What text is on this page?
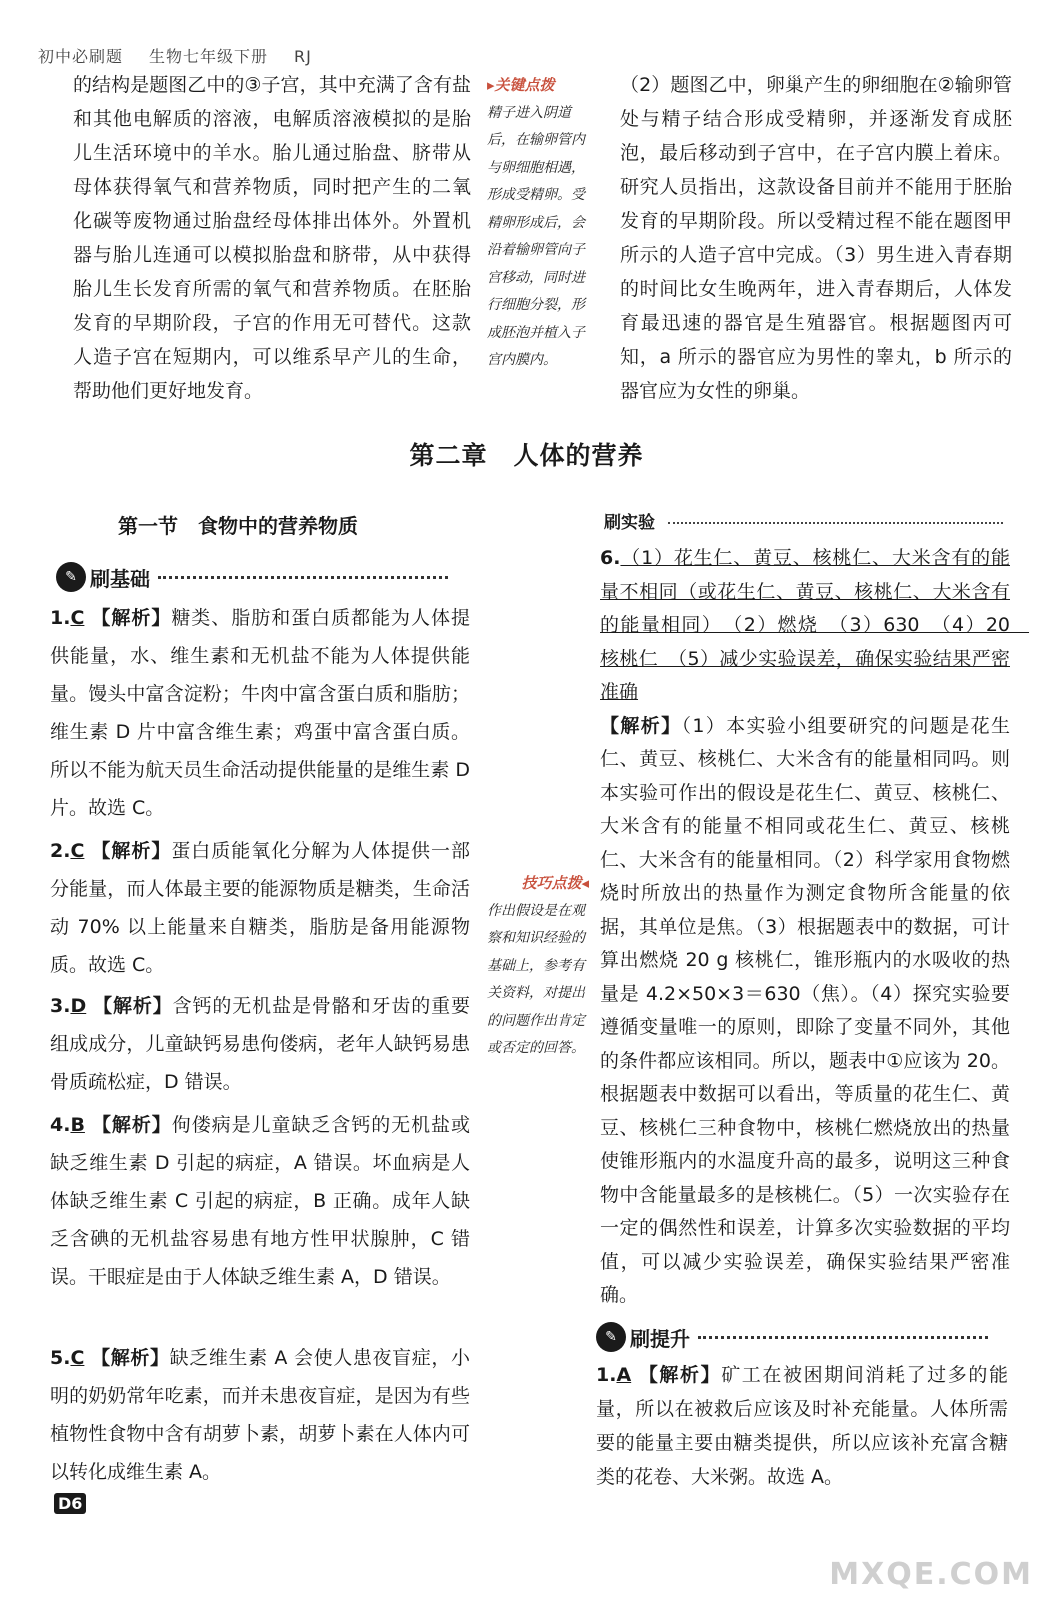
初中必刷题 生物七年级下册 RJ

的结构是题图乙中的③子宫，其中充满了含有盐和其他电解质的溶液，电解质溶液模拟的是胎儿生活环境中的羊水。胎儿通过胎盘、脐带从母体获得氧气和营养物质，同时把产生的二氧化碳等废物通过胎盘经母体排出体外。外置机器与胎儿连通可以模拟胎盘和脐带，从中获得胎儿生长发育所需的氧气和营养物质。在胚胎发育的早期阶段，子宫的作用无可替代。这款人造子宫在短期内，可以维系早产儿的生命，帮助他们更好地发育。

▸关键点拨
精子进入阴道后，在输卵管内与卵细胞相遇，形成受精卵。受精卵形成后，会沿着输卵管向子宫移动，同时进行细胞分裂，形成胚泡并植入子宫内膜内。

（2）题图乙中，卵巢产生的卵细胞在②输卵管处与精子结合形成受精卵，并逐渐发育成胚泡，最后移动到子宫中，在子宫内膜上着床。研究人员指出，这款设备目前并不能用于胚胎发育的早期阶段。所以受精过程不能在题图甲所示的人造子宫中完成。（3）男生进入青春期的时间比女生晚两年，进入青春期后，人体发育最迅速的器官是生殖器官。根据题图丙可知，a 所示的器官应为男性的睾丸，b 所示的器官应为女性的卵巢。

第二章　人体的营养
第一节　食物中的营养物质
✎ 刷基础
1.C 【解析】糖类、脂肪和蛋白质都能为人体提供能量，水、维生素和无机盐不能为人体提供能量。馒头中富含淀粉；牛肉中富含蛋白质和脂肪；维生素 D 片中富含维生素；鸡蛋中富含蛋白质。所以不能为航天员生命活动提供能量的是维生素 D 片。故选 C。
2.C 【解析】蛋白质能氧化分解为人体提供一部分能量，而人体最主要的能源物质是糖类，生命活动 70% 以上能量来自糖类，脂肪是备用能源物质。故选 C。
3.D 【解析】含钙的无机盐是骨骼和牙齿的重要组成成分，儿童缺钙易患佝偻病，老年人缺钙易患骨质疏松症，D 错误。
4.B 【解析】佝偻病是儿童缺乏含钙的无机盐或缺乏维生素 D 引起的病症，A 错误。坏血病是人体缺乏维生素 C 引起的病症，B 正确。成年人缺乏含碘的无机盐容易患有地方性甲状腺肿，C 错误。干眼症是由于人体缺乏维生素 A，D 错误。
5.C 【解析】缺乏维生素 A 会使人患夜盲症，小明的奶奶常年吃素，而并未患夜盲症，是因为有些植物性食物中含有胡萝卜素，胡萝卜素在人体内可以转化成维生素 A。
技巧点拨◂
作出假设是在观察和知识经验的基础上，参考有关资料，对提出的问题作出肯定或否定的回答。
刷实验
6.（1）花生仁、黄豆、核桃仁、大米含有的能量不相同（或花生仁、黄豆、核桃仁、大米含有的能量相同）　（2）燃烧　（3）630　（4）20　核桃仁　（5）减少实验误差，确保实验结果严密准确
【解析】（1）本实验小组要研究的问题是花生仁、黄豆、核桃仁、大米含有的能量相同吗。则本实验可作出的假设是花生仁、黄豆、核桃仁、大米含有的能量不相同或花生仁、黄豆、核桃仁、大米含有的能量相同。（2）科学家用食物燃烧时所放出的热量作为测定食物所含能量的依据，其单位是焦。（3）根据题表中的数据，可计算出燃烧 20 g 核桃仁，锥形瓶内的水吸收的热量是 4.2×50×3＝630（焦）。（4）探究实验要遵循变量唯一的原则，即除了变量不同外，其他的条件都应该相同。所以，题表中①应该为 20。根据题表中数据可以看出，等质量的花生仁、黄豆、核桃仁三种食物中，核桃仁燃烧放出的热量使锥形瓶内的水温度升高的最多，说明这三种食物中含能量最多的是核桃仁。（5）一次实验存在一定的偶然性和误差，计算多次实验数据的平均值，可以减少实验误差，确保实验结果严密准确。
✎ 刷提升
1.A 【解析】矿工在被困期间消耗了过多的能量，所以在被救后应该及时补充能量。人体所需要的能量主要由糖类提供，所以应该补充富含糖类的花卷、大米粥。故选 A。
D6
MXQE.COM
